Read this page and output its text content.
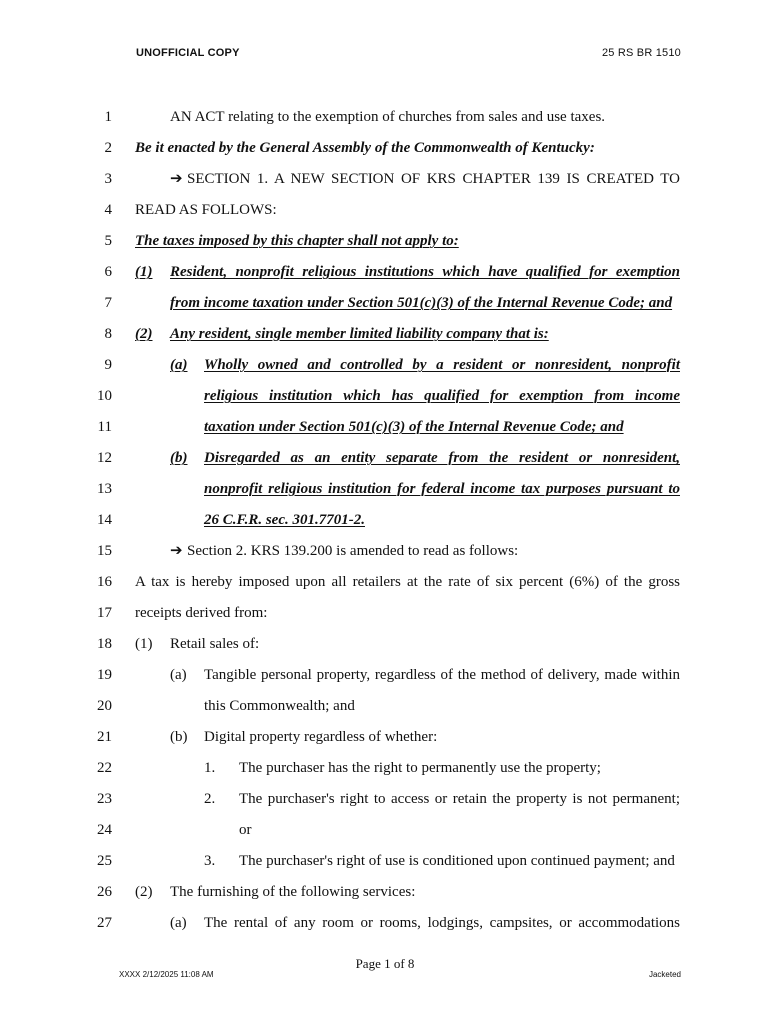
UNOFFICIAL COPY	25 RS BR 1510
1	AN ACT relating to the exemption of churches from sales and use taxes.
2 Be it enacted by the General Assembly of the Commonwealth of Kentucky:
3	➔ SECTION 1. A NEW SECTION OF KRS CHAPTER 139 IS CREATED TO
4 READ AS FOLLOWS:
5 The taxes imposed by this chapter shall not apply to:
6 (1) Resident, nonprofit religious institutions which have qualified for exemption
7	from income taxation under Section 501(c)(3) of the Internal Revenue Code; and
8 (2) Any resident, single member limited liability company that is:
9	(a) Wholly owned and controlled by a resident or nonresident, nonprofit
10	religious institution which has qualified for exemption from income
11	taxation under Section 501(c)(3) of the Internal Revenue Code; and
12	(b) Disregarded as an entity separate from the resident or nonresident,
13	nonprofit religious institution for federal income tax purposes pursuant to
14	26 C.F.R. sec. 301.7701-2.
15	➔ Section 2. KRS 139.200 is amended to read as follows:
16 A tax is hereby imposed upon all retailers at the rate of six percent (6%) of the gross
17 receipts derived from:
18 (1) Retail sales of:
19	(a) Tangible personal property, regardless of the method of delivery, made within
20	this Commonwealth; and
21	(b) Digital property regardless of whether:
22	1. The purchaser has the right to permanently use the property;
23	2. The purchaser's right to access or retain the property is not permanent;
24	or
25	3. The purchaser's right of use is conditioned upon continued payment; and
26 (2) The furnishing of the following services:
27	(a) The rental of any room or rooms, lodgings, campsites, or accommodations
Page 1 of 8
XXXX 2/12/2025 11:08 AM	Jacketed
